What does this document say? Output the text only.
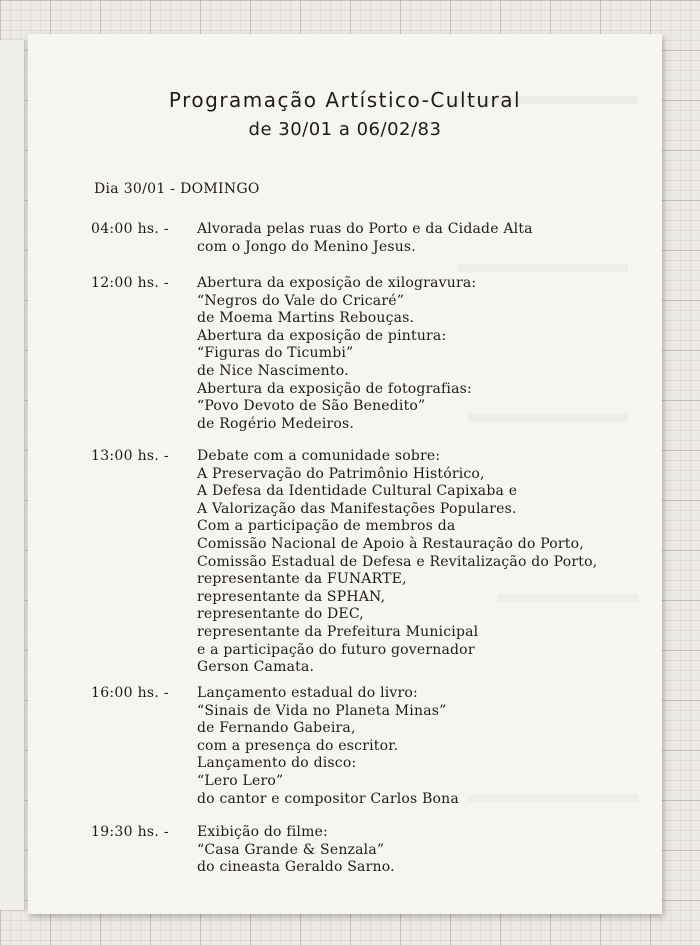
Programação Artístico-Cultural
de 30/01 a 06/02/83
Dia 30/01 - DOMINGO
04:00 hs. - Alvorada pelas ruas do Porto e da Cidade Alta
com o Jongo do Menino Jesus.
12:00 hs. - Abertura da exposição de xilogravura:
“Negros do Vale do Cricaré”
de Moema Martins Rebouças.
Abertura da exposição de pintura:
“Figuras do Ticumbi”
de Nice Nascimento.
Abertura da exposição de fotografias:
“Povo Devoto de São Benedito”
de Rogério Medeiros.
13:00 hs. - Debate com a comunidade sobre:
A Preservação do Patrimônio Histórico,
A Defesa da Identidade Cultural Capixaba e
A Valorização das Manifestações Populares.
Com a participação de membros da
Comissão Nacional de Apoio à Restauração do Porto,
Comissão Estadual de Defesa e Revitalização do Porto,
representante da FUNARTE,
representante da SPHAN,
representante do DEC,
representante da Prefeitura Municipal
e a participação do futuro governador
Gerson Camata.
16:00 hs. - Lançamento estadual do livro:
“Sinais de Vida no Planeta Minas”
de Fernando Gabeira,
com a presença do escritor.
Lançamento do disco:
“Lero Lero”
do cantor e compositor Carlos Bona
19:30 hs. - Exibição do filme:
“Casa Grande & Senzala”
do cineasta Geraldo Sarno.
